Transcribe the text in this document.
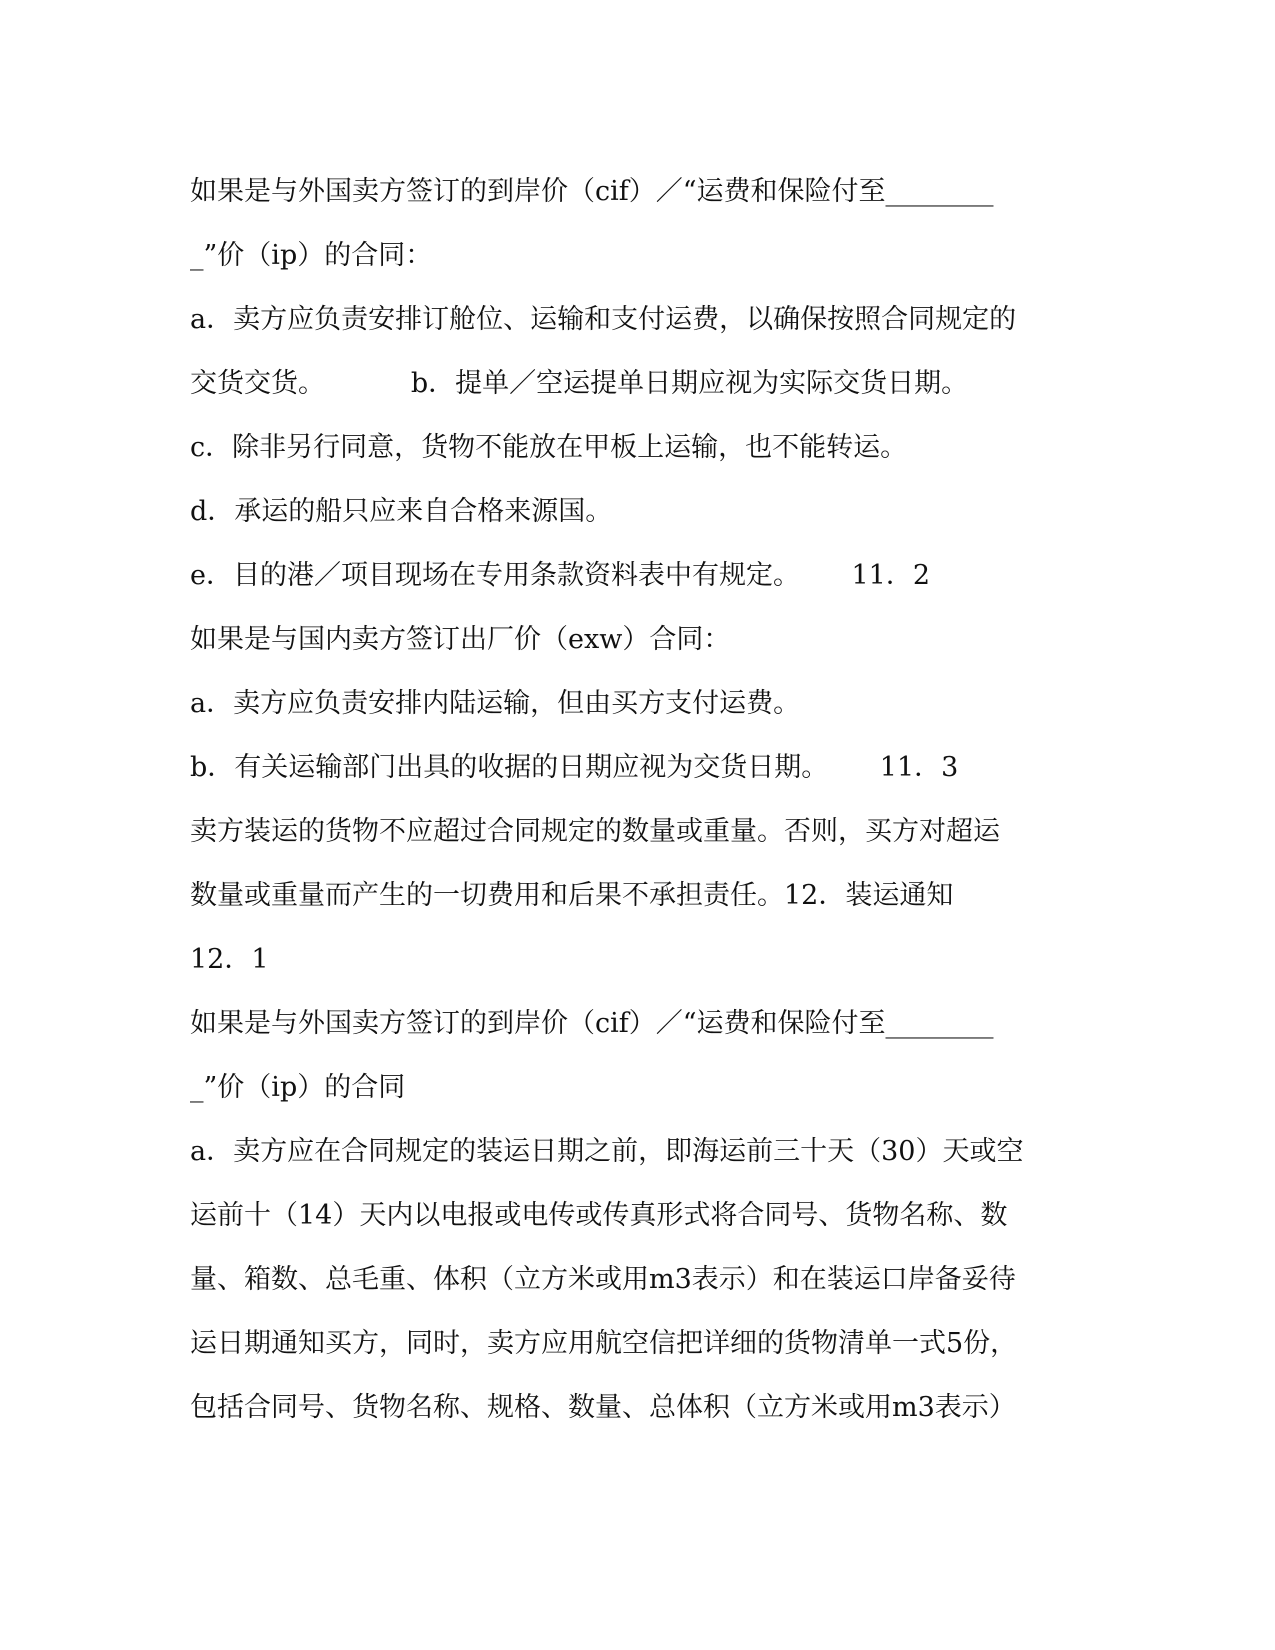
如果是与外国卖方签订的到岸价（cif）／“运费和保险付至________
_”价（ip）的合同：
a．卖方应负责安排订舱位、运输和支付运费，以确保按照合同规定的
交货交货。          b．提单／空运提单日期应视为实际交货日期。
c．除非另行同意，货物不能放在甲板上运输，也不能转运。
d．承运的船只应来自合格来源国。
e．目的港／项目现场在专用条款资料表中有规定。      11．2
如果是与国内卖方签订出厂价（exw）合同：
a．卖方应负责安排内陆运输，但由买方支付运费。
b．有关运输部门出具的收据的日期应视为交货日期。      11．3
卖方装运的货物不应超过合同规定的数量或重量。否则，买方对超运
数量或重量而产生的一切费用和后果不承担责任。12．装运通知
12．1
如果是与外国卖方签订的到岸价（cif）／“运费和保险付至________
_”价（ip）的合同
a．卖方应在合同规定的装运日期之前，即海运前三十天（30）天或空
运前十（14）天内以电报或电传或传真形式将合同号、货物名称、数
量、箱数、总毛重、体积（立方米或用m3表示）和在装运口岸备妥待
运日期通知买方，同时，卖方应用航空信把详细的货物清单一式5份，
包括合同号、货物名称、规格、数量、总体积（立方米或用m3表示）
